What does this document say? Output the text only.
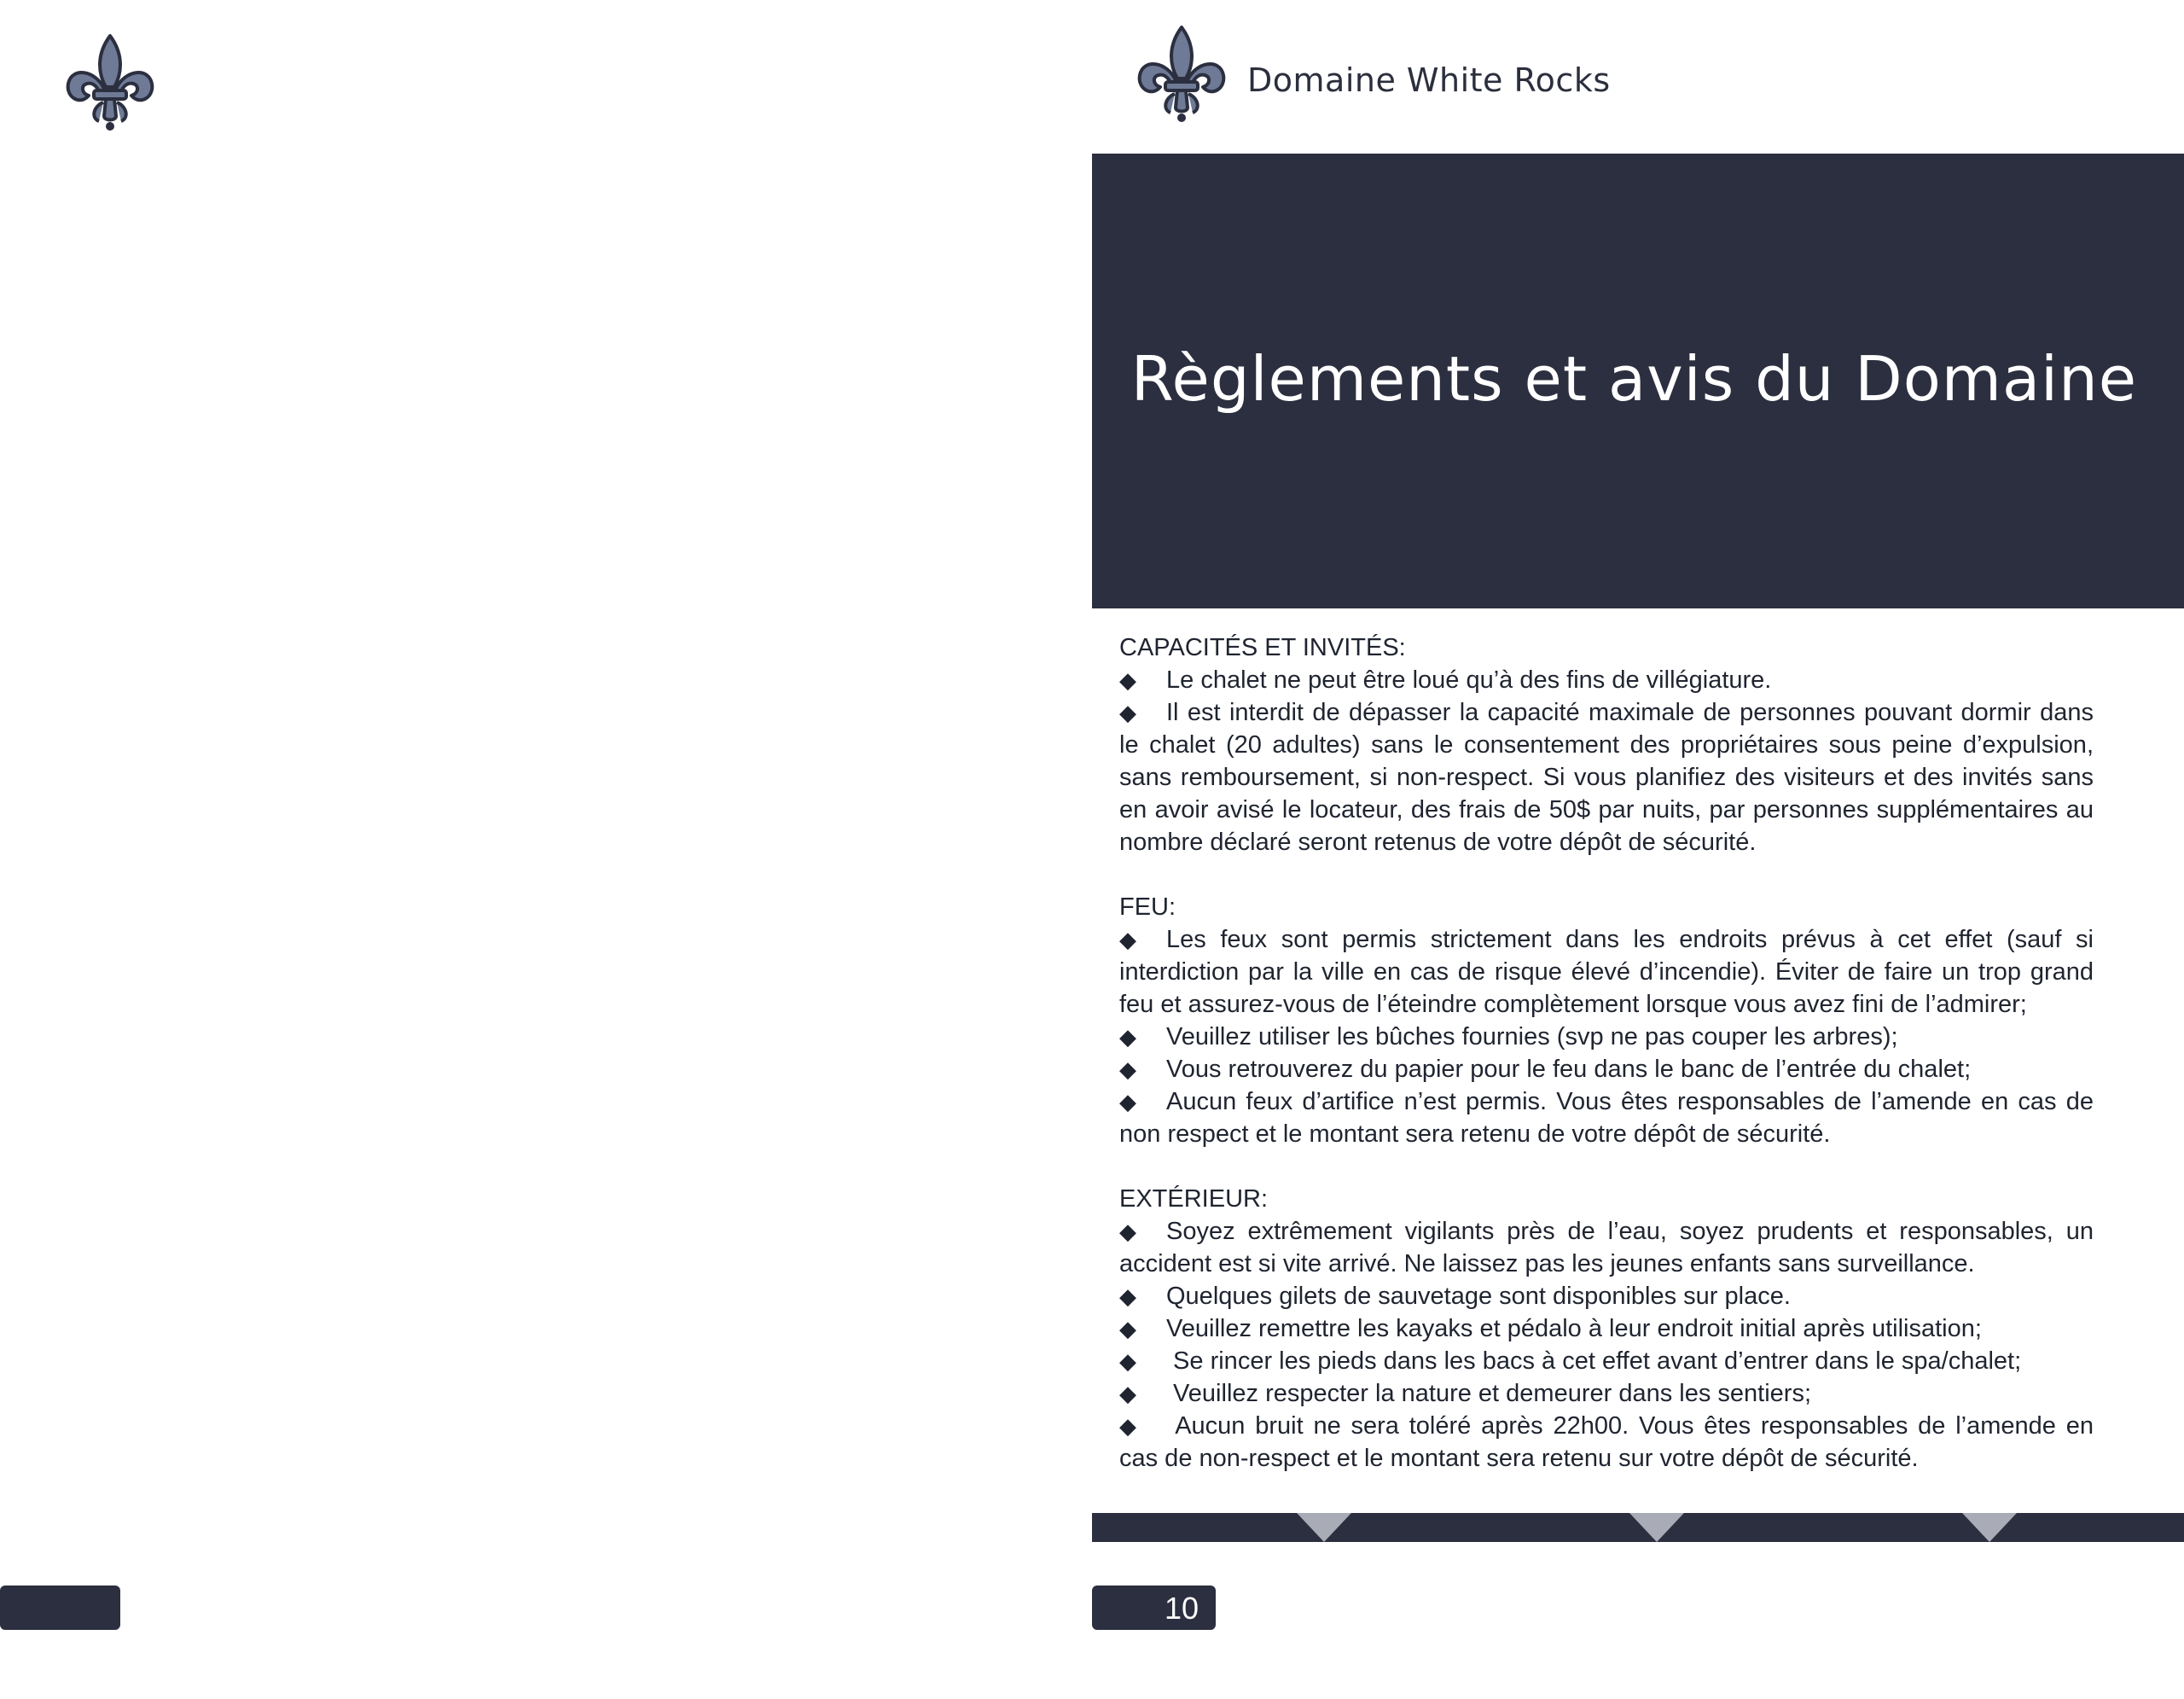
Domaine White Rocks
Règlements et avis du Domaine
CAPACITÉS ET INVITÉS:
◆ Le chalet ne peut être loué qu’à des fins de villégiature.
◆ Il est interdit de dépasser la capacité maximale de personnes pouvant dormir dans le chalet (20 adultes) sans le consentement des propriétaires sous peine d’expulsion, sans remboursement, si non-respect. Si vous planifiez des visiteurs et des invités sans en avoir avisé le locateur, des frais de 50$ par nuits, par personnes supplémentaires au nombre déclaré seront retenus de votre dépôt de sécurité.
FEU:
◆ Les feux sont permis strictement dans les endroits prévus à cet effet (sauf si interdiction par la ville en cas de risque élevé d’incendie). Éviter de faire un trop grand feu et assurez-vous de l’éteindre complètement lorsque vous avez fini de l’admirer;
◆ Veuillez utiliser les bûches fournies (svp ne pas couper les arbres);
◆ Vous retrouverez du papier pour le feu dans le banc de l’entrée du chalet;
◆ Aucun feux d’artifice n’est permis. Vous êtes responsables de l’amende en cas de non respect et le montant sera retenu de votre dépôt de sécurité.
EXTÉRIEUR:
◆ Soyez extrêmement vigilants près de l’eau, soyez prudents et responsables, un accident est si vite arrivé. Ne laissez pas les jeunes enfants sans surveillance.
◆ Quelques gilets de sauvetage sont disponibles sur place.
◆ Veuillez remettre les kayaks et pédalo à leur endroit initial après utilisation;
◆ Se rincer les pieds dans les bacs à cet effet avant d’entrer dans le spa/chalet;
◆ Veuillez respecter la nature et demeurer dans les sentiers;
◆ Aucun bruit ne sera toléré après 22h00. Vous êtes responsables de l’amende en cas de non-respect et le montant sera retenu sur votre dépôt de sécurité.
10
